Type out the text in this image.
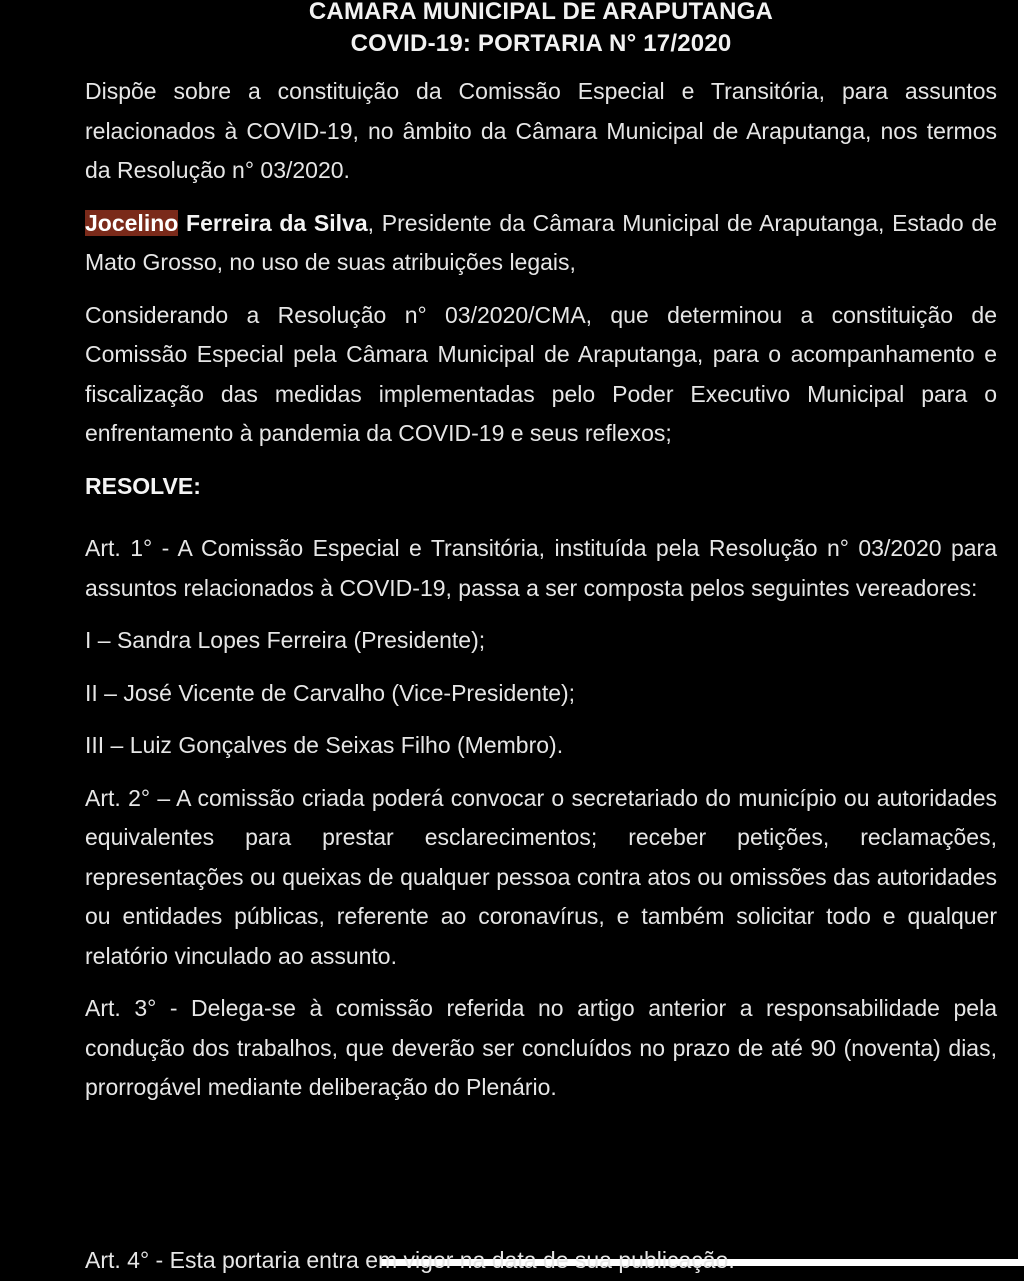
CAMARA MUNICIPAL DE ARAPUTANGA
COVID-19: PORTARIA N° 17/2020

Dispõe sobre a constituição da Comissão Especial e Transitória, para assuntos relacionados à COVID-19, no âmbito da Câmara Municipal de Araputanga, nos termos da Resolução n° 03/2020.

Jocelino Ferreira da Silva, Presidente da Câmara Municipal de Araputanga, Estado de Mato Grosso, no uso de suas atribuições legais,

Considerando a Resolução n° 03/2020/CMA, que determinou a constituição de Comissão Especial pela Câmara Municipal de Araputanga, para o acompanhamento e fiscalização das medidas implementadas pelo Poder Executivo Municipal para o enfrentamento à pandemia da COVID-19 e seus reflexos;

RESOLVE:

Art. 1° - A Comissão Especial e Transitória, instituída pela Resolução n° 03/2020 para assuntos relacionados à COVID-19, passa a ser composta pelos seguintes vereadores:

I – Sandra Lopes Ferreira (Presidente);

II – José Vicente de Carvalho (Vice-Presidente);

III – Luiz Gonçalves de Seixas Filho (Membro).

Art. 2° – A comissão criada poderá convocar o secretariado do município ou autoridades equivalentes para prestar esclarecimentos; receber petições, reclamações, representações ou queixas de qualquer pessoa contra atos ou omissões das autoridades ou entidades públicas, referente ao coronavírus, e também solicitar todo e qualquer relatório vinculado ao assunto.

Art. 3° - Delega-se à comissão referida no artigo anterior a responsabilidade pela condução dos trabalhos, que deverão ser concluídos no prazo de até 90 (noventa) dias, prorrogável mediante deliberação do Plenário.

Art. 4° - Esta portaria entra em vigor na data de sua publicação.
